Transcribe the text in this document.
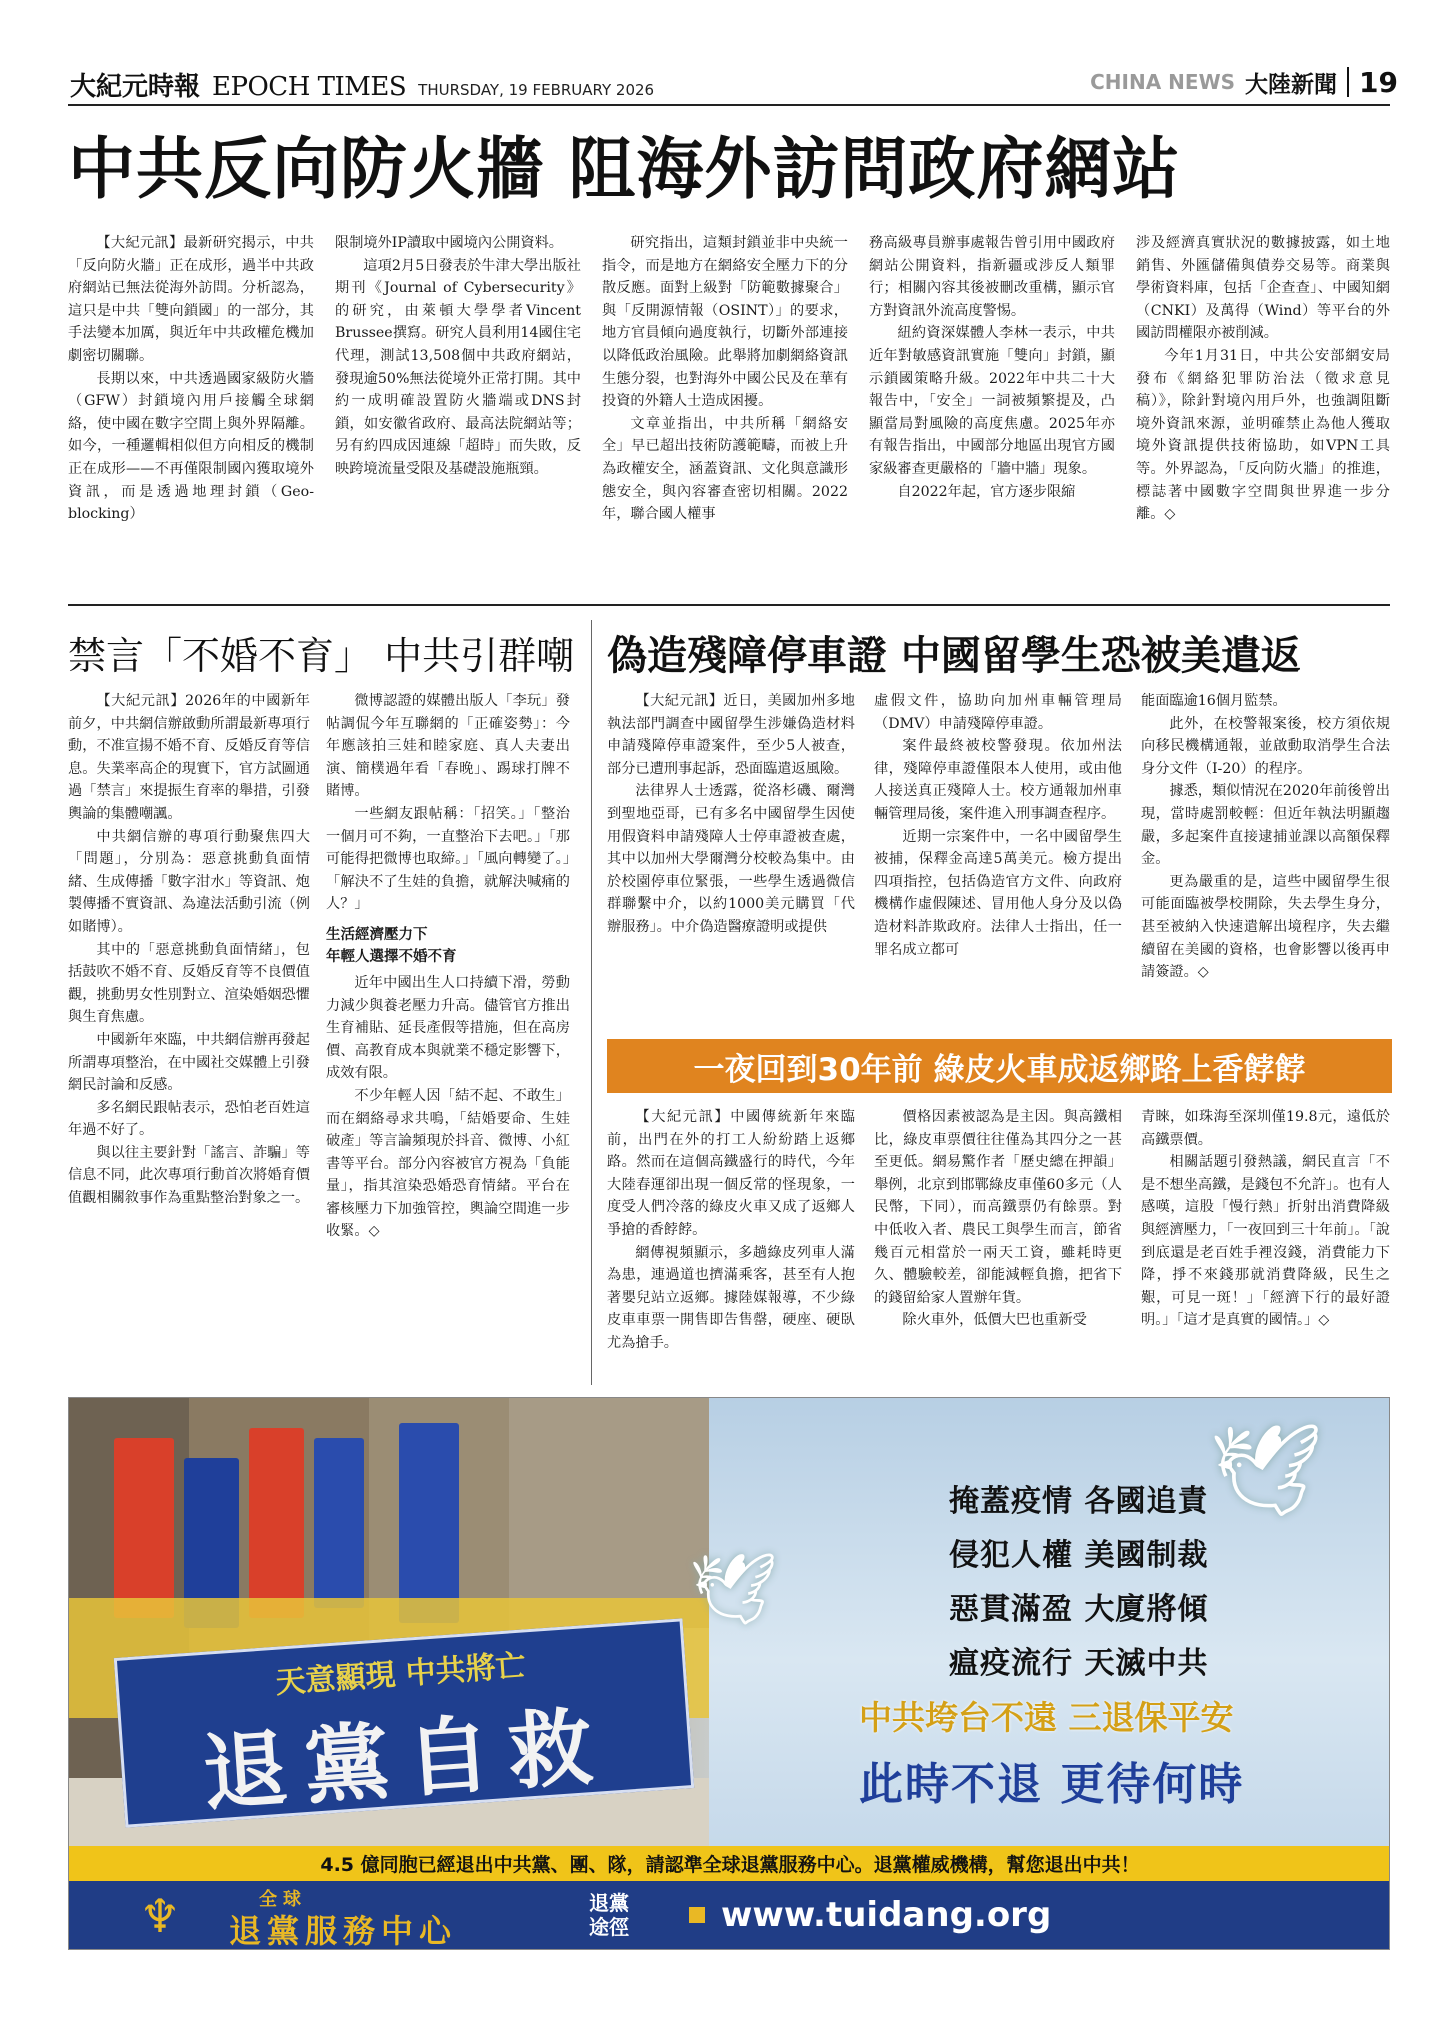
大紀元時報 EPOCH TIMES THURSDAY, 19 FEBRUARY 2026	CHINA NEWS 大陸新聞 19
中共反向防火牆 阻海外訪問政府網站

【大紀元訊】最新研究揭示，中共「反向防火牆」正在成形，過半中共政府網站已無法從海外訪問。分析認為，這只是中共「雙向鎖國」的一部分，其手法變本加厲，與近年中共政權危機加劇密切關聯。

長期以來，中共透過國家級防火牆（GFW）封鎖境內用戶接觸全球網絡，使中國在數字空間上與外界隔離。如今，一種邏輯相似但方向相反的機制正在成形——不再僅限制國內獲取境外資訊，而是透過地理封鎖（Geo-blocking）

限制境外IP讀取中國境內公開資料。

這項2月5日發表於牛津大學出版社期刊《Journal of Cybersecurity》的研究，由萊頓大學學者Vincent Brussee撰寫。研究人員利用14國住宅代理，測試13,508個中共政府網站，發現逾50%無法從境外正常打開。其中約一成明確設置防火牆端或DNS封鎖，如安徽省政府、最高法院網站等；另有約四成因連線「超時」而失敗，反映跨境流量受限及基礎設施瓶頸。

研究指出，這類封鎖並非中央統一指令，而是地方在網絡安全壓力下的分散反應。面對上級對「防範數據聚合」與「反開源情報（OSINT）」的要求，地方官員傾向過度執行，切斷外部連接以降低政治風險。此舉將加劇網絡資訊生態分裂，也對海外中國公民及在華有投資的外籍人士造成困擾。

文章並指出，中共所稱「網絡安全」早已超出技術防護範疇，而被上升為政權安全，涵蓋資訊、文化與意識形態安全，與內容審查密切相關。2022年，聯合國人權事

務高級專員辦事處報告曾引用中國政府網站公開資料，指新疆或涉反人類罪行；相關內容其後被刪改重構，顯示官方對資訊外流高度警惕。

紐約資深媒體人李林一表示，中共近年對敏感資訊實施「雙向」封鎖，顯示鎖國策略升級。2022年中共二十大報告中，「安全」一詞被頻繁提及，凸顯當局對風險的高度焦慮。2025年亦有報告指出，中國部分地區出現官方國家級審查更嚴格的「牆中牆」現象。

自2022年起，官方逐步限縮

涉及經濟真實狀況的數據披露，如土地銷售、外匯儲備與債券交易等。商業與學術資料庫，包括「企查查」、中國知網（CNKI）及萬得（Wind）等平台的外國訪問權限亦被削減。

今年1月31日，中共公安部網安局發布《網絡犯罪防治法（徵求意見稿）》，除針對境內用戶外，也強調阻斷境外資訊來源，並明確禁止為他人獲取境外資訊提供技術協助，如VPN工具等。外界認為，「反向防火牆」的推進，標誌著中國數字空間與世界進一步分離。◇

禁言「不婚不育」 中共引群嘲

【大紀元訊】2026年的中國新年前夕，中共網信辦啟動所謂最新專項行動，不准宣揚不婚不育、反婚反育等信息。失業率高企的現實下，官方試圖通過「禁言」來提振生育率的舉措，引發輿論的集體嘲諷。

中共網信辦的專項行動聚焦四大「問題」，分別為：惡意挑動負面情緒、生成傳播「數字泔水」等資訊、炮製傳播不實資訊、為違法活動引流（例如賭博）。

其中的「惡意挑動負面情緒」，包括鼓吹不婚不育、反婚反育等不良價值觀，挑動男女性別對立、渲染婚姻恐懼與生育焦慮。

中國新年來臨，中共網信辦再發起所謂專項整治，在中國社交媒體上引發網民討論和反感。

多名網民跟帖表示，恐怕老百姓這年過不好了。

與以往主要針對「謠言、詐騙」等信息不同，此次專項行動首次將婚育價值觀相關敘事作為重點整治對象之一。

微博認證的媒體出版人「李玩」發帖調侃今年互聯網的「正確姿勢」：今年應該拍三娃和睦家庭、真人夫妻出演、簡樸過年看「春晚」、踢球打牌不賭博。

一些網友跟帖稱：「招笑。」「整治一個月可不夠，一直整治下去吧。」「那可能得把微博也取締。」「風向轉變了。」「解決不了生娃的負擔，就解決喊痛的人？」

生活經濟壓力下
年輕人選擇不婚不育

近年中國出生人口持續下滑，勞動力減少與養老壓力升高。儘管官方推出生育補貼、延長產假等措施，但在高房價、高教育成本與就業不穩定影響下，成效有限。

不少年輕人因「結不起、不敢生」而在網絡尋求共鳴，「結婚要命、生娃破產」等言論頻現於抖音、微博、小紅書等平台。部分內容被官方視為「負能量」，指其渲染恐婚恐育情緒。平台在審核壓力下加強管控，輿論空間進一步收緊。◇

偽造殘障停車證 中國留學生恐被美遣返

【大紀元訊】近日，美國加州多地執法部門調查中國留學生涉嫌偽造材料申請殘障停車證案件，至少5人被查，部分已遭刑事起訴，恐面臨遣返風險。

法律界人士透露，從洛杉磯、爾灣到聖地亞哥，已有多名中國留學生因使用假資料申請殘障人士停車證被查處，其中以加州大學爾灣分校較為集中。由於校園停車位緊張，一些學生透過微信群聯繫中介，以約1000美元購買「代辦服務」。中介偽造醫療證明或提供

虛假文件，協助向加州車輛管理局（DMV）申請殘障停車證。

案件最終被校警發現。依加州法律，殘障停車證僅限本人使用，或由他人接送真正殘障人士。校方通報加州車輛管理局後，案件進入刑事調查程序。

近期一宗案件中，一名中國留學生被捕，保釋金高達5萬美元。檢方提出四項指控，包括偽造官方文件、向政府機構作虛假陳述、冒用他人身分及以偽造材料詐欺政府。法律人士指出，任一罪名成立都可

能面臨逾16個月監禁。

此外，在校警報案後，校方須依規向移民機構通報，並啟動取消學生合法身分文件（I-20）的程序。

據悉，類似情況在2020年前後曾出現，當時處罰較輕：但近年執法明顯趨嚴，多起案件直接逮捕並課以高額保釋金。

更為嚴重的是，這些中國留學生很可能面臨被學校開除，失去學生身分，甚至被納入快速遣解出境程序，失去繼續留在美國的資格，也會影響以後再申請簽證。◇

一夜回到30年前 綠皮火車成返鄉路上香餑餑

【大紀元訊】中國傳統新年來臨前，出門在外的打工人紛紛踏上返鄉路。然而在這個高鐵盛行的時代，今年大陸春運卻出現一個反常的怪現象，一度受人們冷落的綠皮火車又成了返鄉人爭搶的香餑餑。

網傳視頻顯示，多趟綠皮列車人滿為患，連過道也擠滿乘客，甚至有人抱著嬰兒站立返鄉。據陸媒報導，不少綠皮車車票一開售即告售罄，硬座、硬臥尤為搶手。

價格因素被認為是主因。與高鐵相比，綠皮車票價往往僅為其四分之一甚至更低。網易驚作者「歷史總在押韻」舉例，北京到邯鄲綠皮車僅60多元（人民幣，下同），而高鐵票仍有餘票。對中低收入者、農民工與學生而言，節省幾百元相當於一兩天工資，雖耗時更久、體驗較差，卻能減輕負擔，把省下的錢留給家人置辦年貨。

除火車外，低價大巴也重新受

青睞，如珠海至深圳僅19.8元，遠低於高鐵票價。

相關話題引發熱議，網民直言「不是不想坐高鐵，是錢包不允許」。也有人感嘆，這股「慢行熱」折射出消費降級與經濟壓力，「一夜回到三十年前」。「說到底還是老百姓手裡沒錢，消費能力下降，掙不來錢那就消費降級，民生之艱，可見一斑！」「經濟下行的最好證明。」「這才是真實的國情。」◇

天意顯現 中共將亡
退黨自救
🕊
🕊
掩蓋疫情 各國追責
侵犯人權 美國制裁
惡貫滿盈 大廈將傾
瘟疫流行 天滅中共
中共垮台不遠 三退保平安
此時不退 更待何時
4.5 億同胞已經退出中共黨、團、隊，請認準全球退黨服務中心。退黨權威機構，幫您退出中共！
♆	全球
退黨服務中心
退黨途徑	www.tuidang.org
